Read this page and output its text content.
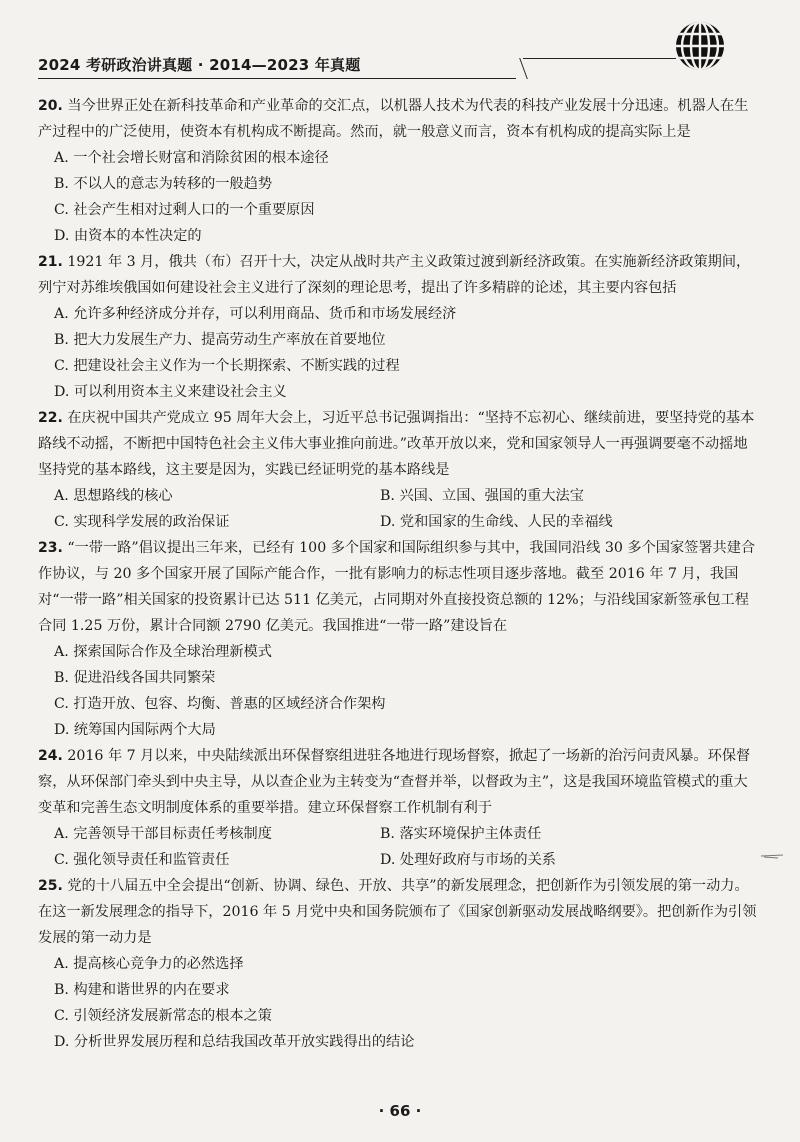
2024 考研政治讲真题 · 2014—2023 年真题
20. 当今世界正处在新科技革命和产业革命的交汇点，以机器人技术为代表的科技产业发展十分迅速。机器人在生产过程中的广泛使用，使资本有机构成不断提高。然而，就一般意义而言，资本有机构成的提高实际上是
A. 一个社会增长财富和消除贫困的根本途径
B. 不以人的意志为转移的一般趋势
C. 社会产生相对过剩人口的一个重要原因
D. 由资本的本性决定的
21. 1921 年 3 月，俄共（布）召开十大，决定从战时共产主义政策过渡到新经济政策。在实施新经济政策期间，列宁对苏维埃俄国如何建设社会主义进行了深刻的理论思考，提出了许多精辟的论述，其主要内容包括
A. 允许多种经济成分并存，可以利用商品、货币和市场发展经济
B. 把大力发展生产力、提高劳动生产率放在首要地位
C. 把建设社会主义作为一个长期探索、不断实践的过程
D. 可以利用资本主义来建设社会主义
22. 在庆祝中国共产党成立 95 周年大会上，习近平总书记强调指出：“坚持不忘初心、继续前进，要坚持党的基本路线不动摇，不断把中国特色社会主义伟大事业推向前进。”改革开放以来，党和国家领导人一再强调要毫不动摇地坚持党的基本路线，这主要是因为，实践已经证明党的基本路线是
A. 思想路线的核心	B. 兴国、立国、强国的重大法宝
C. 实现科学发展的政治保证	D. 党和国家的生命线、人民的幸福线
23. “一带一路”倡议提出三年来，已经有 100 多个国家和国际组织参与其中，我国同沿线 30 多个国家签署共建合作协议，与 20 多个国家开展了国际产能合作，一批有影响力的标志性项目逐步落地。截至 2016 年 7 月，我国对“一带一路”相关国家的投资累计已达 511 亿美元，占同期对外直接投资总额的 12%；与沿线国家新签承包工程合同 1.25 万份，累计合同额 2790 亿美元。我国推进“一带一路”建设旨在
A. 探索国际合作及全球治理新模式
B. 促进沿线各国共同繁荣
C. 打造开放、包容、均衡、普惠的区域经济合作架构
D. 统筹国内国际两个大局
24. 2016 年 7 月以来，中央陆续派出环保督察组进驻各地进行现场督察，掀起了一场新的治污问责风暴。环保督察，从环保部门牵头到中央主导，从以查企业为主转变为“查督并举，以督政为主”，这是我国环境监管模式的重大变革和完善生态文明制度体系的重要举措。建立环保督察工作机制有利于
A. 完善领导干部目标责任考核制度	B. 落实环境保护主体责任
C. 强化领导责任和监管责任	D. 处理好政府与市场的关系
25. 党的十八届五中全会提出“创新、协调、绿色、开放、共享”的新发展理念，把创新作为引领发展的第一动力。在这一新发展理念的指导下，2016 年 5 月党中央和国务院颁布了《国家创新驱动发展战略纲要》。把创新作为引领发展的第一动力是
A. 提高核心竞争力的必然选择
B. 构建和谐世界的内在要求
C. 引领经济发展新常态的根本之策
D. 分析世界发展历程和总结我国改革开放实践得出的结论
· 66 ·
